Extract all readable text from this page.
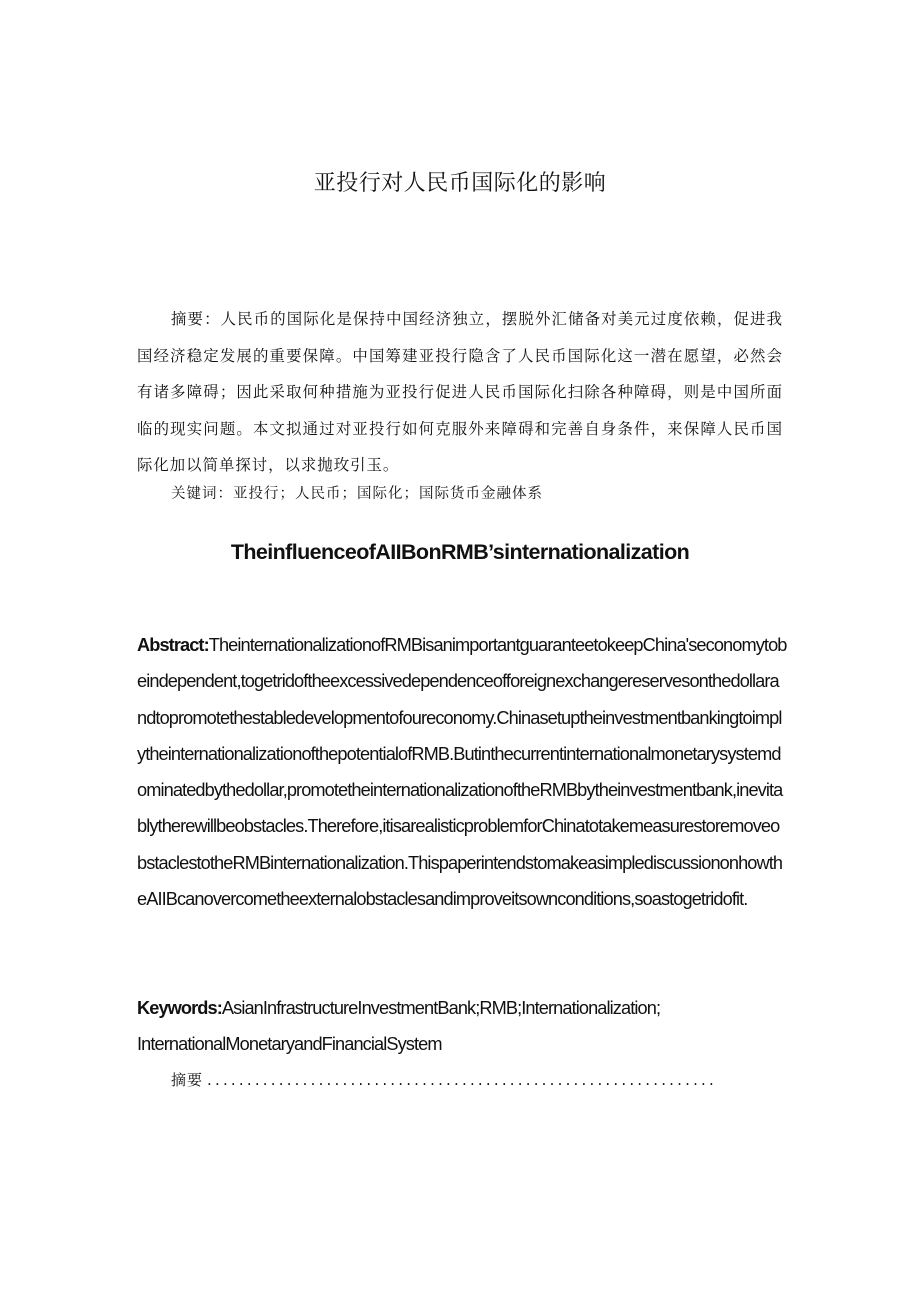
亚投行对人民币国际化的影响
摘要：人民币的国际化是保持中国经济独立，摆脱外汇储备对美元过度依赖，促进我国经济稳定发展的重要保障。中国筹建亚投行隐含了人民币国际化这一潜在愿望，必然会有诸多障碍；因此采取何种措施为亚投行促进人民币国际化扫除各种障碍，则是中国所面临的现实问题。本文拟通过对亚投行如何克服外来障碍和完善自身条件，来保障人民币国际化加以简单探讨，以求抛玫引玉。
关键词：亚投行；人民币；国际化；国际货币金融体系
TheinfluenceofAIIBonRMB’sinternationalization
Abstract:TheinternationalizationofRMBisanimportantguaranteetokeepChina'seconomytobeindependent,togetridoftheexcessivedependenceofforeignexchangereservesonthedollarandtopromotethestabledevelopmentofoureconomy.ChinasetuptheinvestmentbankingtoimplytheinternationalizationofthepotentialofRMB.Butinthecurrentinternationalmonetarysystemdominatedbythedollar,promotetheinternationalizationoftheRMBbytheinvestmentbank,inevitablytherewillbeobstacles.Therefore,itisarealisticproblemforChinatotakemeasurestoremoveobstaclestotheRMBinternationalization.ThispaperintendstomakeasimplediscussiononhowtheAIIBcanovercometheexternalobstaclesandimproveitsownconditions,soastogetridofit.
Keywords:AsianInfrastructureInvestmentBank;RMB;Internationalization;
InternationalMonetaryandFinancialSystem
摘要 ................................................................
